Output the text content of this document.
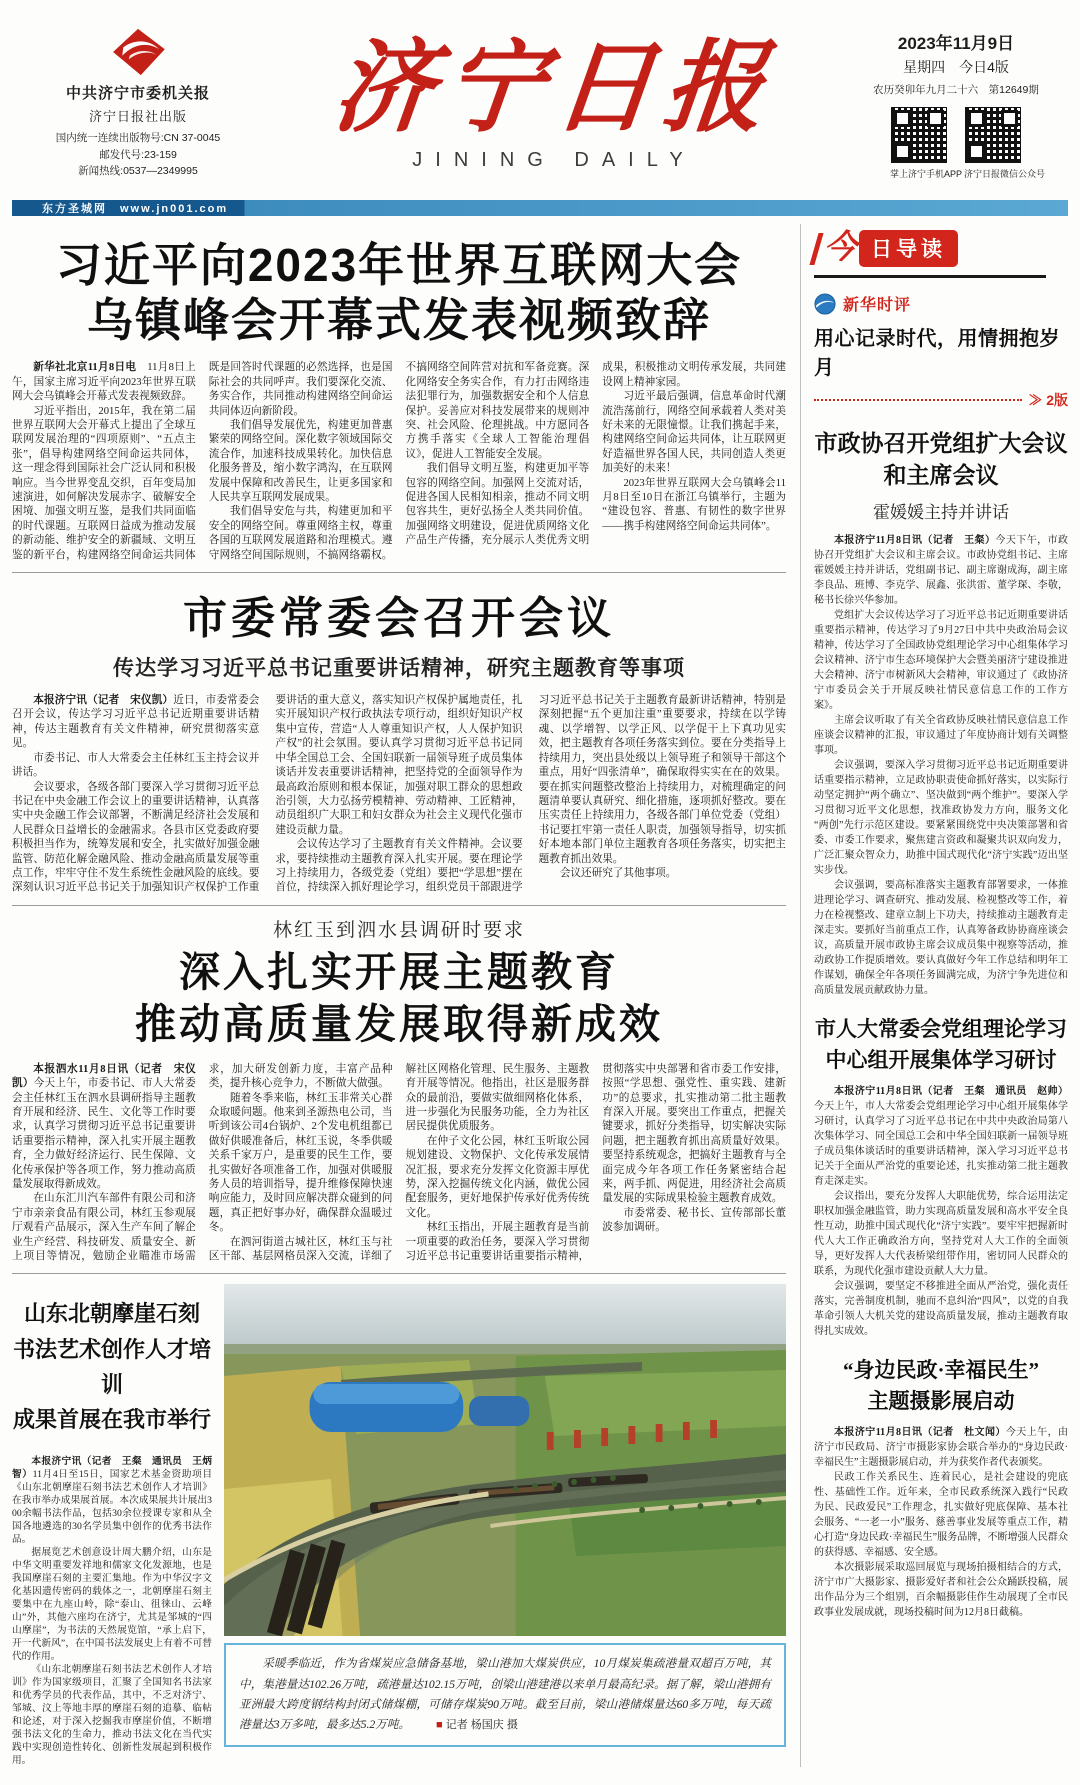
中共济宁市委机关报
济宁日报社出版
国内统一连续出版物号:CN 37-0045
邮发代号:23-159
新闻热线:0537—2349995
济宁日报
JINING DAILY
2023年11月9日
星期四　今日4版
农历癸卯年九月二十六　第12649期
掌上济宁手机APP 济宁日报微信公众号
东方圣城网　www.jn001.com
习近平向2023年世界互联网大会
乌镇峰会开幕式发表视频致辞

新华社北京11月8日电　11月8日上午，国家主席习近平向2023年世界互联网大会乌镇峰会开幕式发表视频致辞。

习近平指出，2015年，我在第二届世界互联网大会开幕式上提出了全球互联网发展治理的“四项原则”、“五点主张”，倡导构建网络空间命运共同体，这一理念得到国际社会广泛认同和积极响应。当今世界变乱交织，百年变局加速演进，如何解决发展赤字、破解安全困境、加强文明互鉴，是我们共同面临的时代课题。互联网日益成为推动发展的新动能、维护安全的新疆域、文明互鉴的新平台，构建网络空间命运共同体既是回答时代课题的必然选择，也是国际社会的共同呼声。我们要深化交流、务实合作，共同推动构建网络空间命运共同体迈向新阶段。

我们倡导发展优先，构建更加普惠繁荣的网络空间。深化数字领域国际交流合作，加速科技成果转化。加快信息化服务普及，缩小数字鸿沟，在互联网发展中保障和改善民生，让更多国家和人民共享互联网发展成果。

我们倡导安危与共，构建更加和平安全的网络空间。尊重网络主权，尊重各国的互联网发展道路和治理模式。遵守网络空间国际规则，不搞网络霸权。不搞网络空间阵营对抗和军备竞赛。深化网络安全务实合作，有力打击网络违法犯罪行为，加强数据安全和个人信息保护。妥善应对科技发展带来的规则冲突、社会风险、伦理挑战。中方愿同各方携手落实《全球人工智能治理倡议》，促进人工智能安全发展。

我们倡导文明互鉴，构建更加平等包容的网络空间。加强网上交流对话，促进各国人民相知相亲，推动不同文明包容共生，更好弘扬全人类共同价值。加强网络文明建设，促进优质网络文化产品生产传播，充分展示人类优秀文明成果，积极推动文明传承发展，共同建设网上精神家园。

习近平最后强调，信息革命时代潮流浩荡前行，网络空间承载着人类对美好未来的无限憧憬。让我们携起手来，构建网络空间命运共同体，让互联网更好造福世界各国人民，共同创造人类更加美好的未来！

2023年世界互联网大会乌镇峰会11月8日至10日在浙江乌镇举行，主题为“建设包容、普惠、有韧性的数字世界——携手构建网络空间命运共同体”。

市委常委会召开会议
传达学习习近平总书记重要讲话精神，研究主题教育等事项

本报济宁讯（记者　宋仪凯）近日，市委常委会召开会议，传达学习习近平总书记近期重要讲话精神，传达主题教育有关文件精神，研究贯彻落实意见。

市委书记、市人大常委会主任林红玉主持会议并讲话。

会议要求，各级各部门要深入学习贯彻习近平总书记在中央金融工作会议上的重要讲话精神，认真落实中央金融工作会议部署，不断满足经济社会发展和人民群众日益增长的金融需求。各县市区党委政府要积极担当作为，统筹发展和安全，扎实做好加强金融监管、防范化解金融风险、推动金融高质量发展等重点工作，牢牢守住不发生系统性金融风险的底线。要深刻认识习近平总书记关于加强知识产权保护工作重要讲话的重大意义，落实知识产权保护属地责任，扎实开展知识产权行政执法专项行动，组织好知识产权集中宣传，营造“人人尊重知识产权，人人保护知识产权”的社会氛围。要认真学习贯彻习近平总书记同中华全国总工会、全国妇联新一届领导班子成员集体谈话并发表重要讲话精神，把坚持党的全面领导作为最高政治原则和根本保证，加强对职工群众的思想政治引领，大力弘扬劳模精神、劳动精神、工匠精神，动员组织广大职工和妇女群众为社会主义现代化强市建设贡献力量。

会议传达学习了主题教育有关文件精神。会议要求，要持续推动主题教育深入扎实开展。要在理论学习上持续用力，各级党委（党组）要把“学思想”摆在首位，持续深入抓好理论学习，组织党员干部跟进学习习近平总书记关于主题教育最新讲话精神，特别是深刻把握“五个更加注重”重要要求，持续在以学铸魂、以学增智、以学正风、以学促干上下真功见实效，把主题教育各项任务落实到位。要在分类指导上持续用力，突出县处级以上领导班子和领导干部这个重点，用好“四张清单”，确保取得实实在在的效果。要在抓实问题整改整治上持续用力，对梳理确定的问题清单要认真研究、细化措施，逐项抓好整改。要在压实责任上持续用力，各级各部门单位党委（党组）书记要扛牢第一责任人职责，加强领导指导，切实抓好本地本部门单位主题教育各项任务落实，切实把主题教育抓出效果。

会议还研究了其他事项。

林红玉到泗水县调研时要求
深入扎实开展主题教育
推动高质量发展取得新成效

本报泗水11月8日讯（记者　宋仪凯）今天上午，市委书记、市人大常委会主任林红玉在泗水县调研指导主题教育开展和经济、民生、文化等工作时要求，认真学习贯彻习近平总书记重要讲话重要指示精神，深入扎实开展主题教育，全力做好经济运行、民生保障、文化传承保护等各项工作，努力推动高质量发展取得新成效。

在山东汇川汽车部件有限公司和济宁市亲亲食品有限公司，林红玉参观展厅观看产品展示，深入生产车间了解企业生产经营、科技研发、质量安全、新上项目等情况，勉励企业瞄准市场需求，加大研发创新力度，丰富产品种类，提升核心竞争力，不断做大做强。

随着冬季来临，林红玉非常关心群众取暖问题。他来到圣源热电公司，当听到该公司4台锅炉、2个发电机组都已做好供暖准备后，林红玉说，冬季供暖关系千家万户，是重要的民生工作，要扎实做好各项准备工作，加强对供暖服务人员的培训指导，提升维修保障快速响应能力，及时回应解决群众碰到的问题，真正把好事办好，确保群众温暖过冬。

在泗河街道古城社区，林红玉与社区干部、基层网格员深入交流，详细了解社区网格化管理、民生服务、主题教育开展等情况。他指出，社区是服务群众的最前沿，要做实做细网格化体系，进一步强化为民服务功能，全力为社区居民提供优质服务。

在仲子文化公园，林红玉听取公园规划建设、文物保护、文化传承发展情况汇报，要求充分发挥文化资源丰厚优势，深入挖掘传统文化内涵，做优公园配套服务，更好地保护传承好优秀传统文化。

林红玉指出，开展主题教育是当前一项重要的政治任务，要深入学习贯彻习近平总书记重要讲话重要指示精神，贯彻落实中央部署和省市委工作安排，按照“学思想、强党性、重实践、建新功”的总要求，扎实推动第二批主题教育深入开展。要突出工作重点，把握关键要求，抓好分类指导，切实解决实际问题，把主题教育抓出高质量好效果。要坚持系统观念，把搞好主题教育与全面完成今年各项工作任务紧密结合起来，两手抓、两促进，用经济社会高质量发展的实际成果检验主题教育成效。

市委常委、秘书长、宣传部部长董波参加调研。

山东北朝摩崖石刻
书法艺术创作人才培训
成果首展在我市举行

本报济宁讯（记者　王粲　通讯员　王炳智）11月4日至15日，国家艺术基金资助项目《山东北朝摩崖石刻书法艺术创作人才培训》在我市举办成果展首展。本次成果展共计展出300余幅书法作品，包括30余位授课专家和从全国各地遴选的30名学员集中创作的优秀书法作品。

据展览艺术创意设计周大鹏介绍，山东是中华文明重要发祥地和儒家文化发源地，也是我国摩崖石刻的主要汇集地。作为中华汉字文化基因遗传密码的载体之一，北朝摩崖石刻主要集中在九座山岭，除“泰山、徂徕山、云峰山”外，其他六座均在济宁，尤其是邹城的“四山摩崖”，为书法的天然展览馆，“承上启下，开一代新风”，在中国书法发展史上有着不可替代的作用。

《山东北朝摩崖石刻书法艺术创作人才培训》作为国家级项目，汇聚了全国知名书法家和优秀学员的代表作品，其中，不乏对济宁、邹城、汶上等地丰厚的摩崖石刻的追摹、临帖和论述，对于深入挖掘我市摩崖价值，不断增强书法文化的生命力，推动书法文化在当代实践中实现创造性转化、创新性发展起到积极作用。

采暖季临近，作为省煤炭应急储备基地，梁山港加大煤炭供应，10月煤炭集疏港量双超百万吨，其中，集港量达102.26万吨，疏港量达102.15万吨，创梁山港建港以来单月最高纪录。据了解，梁山港拥有亚洲最大跨度钢结构封闭式储煤棚，可储存煤炭90万吨。截至目前，梁山港储煤量达60多万吨，每天疏港量达3万多吨，最多达5.2万吨。 ■ 记者 杨国庆 摄

今 日导读
新华时评
用心记录时代，用情拥抱岁月
≫ 2版
市政协召开党组扩大会议
和主席会议
霍媛媛主持并讲话

本报济宁11月8日讯（记者　王粲）今天下午，市政协召开党组扩大会议和主席会议。市政协党组书记、主席霍媛媛主持并讲话，党组副书记、副主席谢成海，副主席李良品、班博、李克学、展鑫、张洪雷、董学琛、李敬，秘书长徐兴华参加。

党组扩大会议传达学习了习近平总书记近期重要讲话重要指示精神，传达学习了9月27日中共中央政治局会议精神，传达学习了全国政协党组理论学习中心组集体学习会议精神、济宁市生态环境保护大会暨美丽济宁建设推进大会精神、济宁市树新风大会精神，审议通过了《政协济宁市委员会关于开展反映社情民意信息工作的工作方案》。

主席会议听取了有关全省政协反映社情民意信息工作座谈会议精神的汇报，审议通过了年度协商计划有关调整事项。

会议强调，要深入学习贯彻习近平总书记近期重要讲话重要指示精神，立足政协职责使命抓好落实，以实际行动坚定拥护“两个确立”、坚决做到“两个维护”。要深入学习贯彻习近平文化思想，找准政协发力方向，服务文化“两创”先行示范区建设。要紧紧围绕党中央决策部署和省委、市委工作要求，聚焦建言资政和凝聚共识双向发力，广泛汇聚众智众力，助推中国式现代化“济宁实践”迈出坚实步伐。

会议强调，要高标准落实主题教育部署要求，一体推进理论学习、调查研究、推动发展、检视整改等工作，着力在检视整改、建章立制上下功夫，持续推动主题教育走深走实。要抓好当前重点工作，认真筹备政协协商座谈会议，高质量开展市政协主席会议成员集中视察等活动，推动政协工作提质增效。要认真做好今年工作总结和明年工作谋划，确保全年各项任务圆满完成，为济宁争先进位和高质量发展贡献政协力量。

市人大常委会党组理论学习
中心组开展集体学习研讨

本报济宁11月8日讯（记者　王粲　通讯员　赵帅）今天上午，市人大常委会党组理论学习中心组开展集体学习研讨，认真学习了习近平总书记在中共中央政治局第八次集体学习、同全国总工会和中华全国妇联新一届领导班子成员集体谈话时的重要讲话精神，深入学习习近平总书记关于全面从严治党的重要论述，扎实推动第二批主题教育走深走实。

会议指出，要充分发挥人大职能优势，综合运用法定职权加强金融监管，助力实现高质量发展和高水平安全良性互动，助推中国式现代化“济宁实践”。要牢牢把握新时代人大工作正确政治方向，坚持党对人大工作的全面领导，更好发挥人大代表桥梁纽带作用，密切同人民群众的联系，为现代化强市建设贡献人大力量。

会议强调，要坚定不移推进全面从严治党，强化责任落实，完善制度机制，驰而不息纠治“四风”，以党的自我革命引领人大机关党的建设高质量发展，推动主题教育取得扎实成效。

“身边民政·幸福民生”
主题摄影展启动

本报济宁11月8日讯（记者　杜文闻）今天上午，由济宁市民政局、济宁市摄影家协会联合举办的“身边民政·幸福民生”主题摄影展启动，并为获奖作者代表颁奖。

民政工作关系民生、连着民心，是社会建设的兜底性、基础性工作。近年来，全市民政系统深入践行“民政为民、民政爱民”工作理念，扎实做好兜底保障、基本社会服务、“一老一小”服务、慈善事业发展等重点工作，精心打造“身边民政·幸福民生”服务品牌，不断增强人民群众的获得感、幸福感、安全感。

本次摄影展采取巡回展览与现场拍摄相结合的方式，济宁市广大摄影家、摄影爱好者和社会公众踊跃投稿，展出作品分为三个组别，百余幅摄影佳作生动展现了全市民政事业发展成就，现场投稿时间为12月8日截稿。
